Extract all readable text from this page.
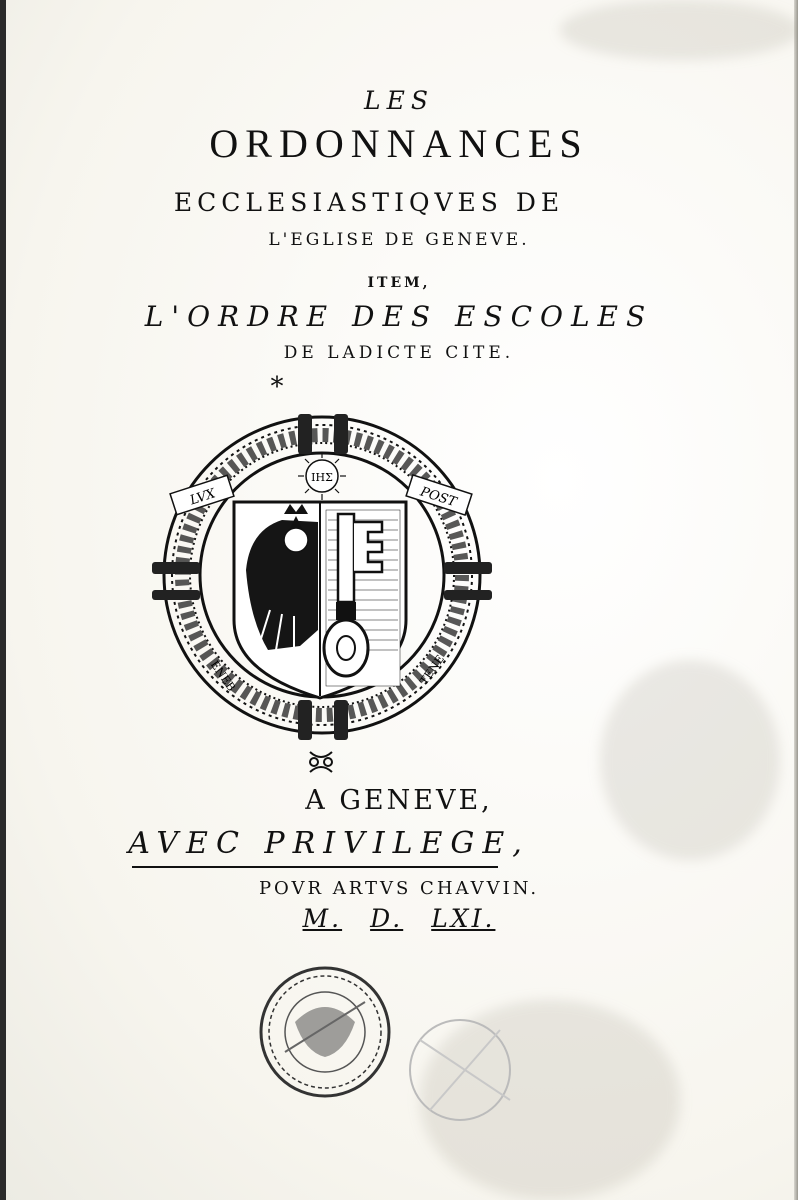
LES
ORDONNANCES
ECCLESIASTIQVES DE
L'EGLISE DE GENEVE.
ITEM,
L'ORDRE DES ESCOLES
DE LADICTE CITE.
*
LVX	POST
ENEB	TENE
IHΣ
A GENEVE,
AVEC PRIVILEGE,
POVR ARTVS CHAVVIN.
M. D. LXI.
